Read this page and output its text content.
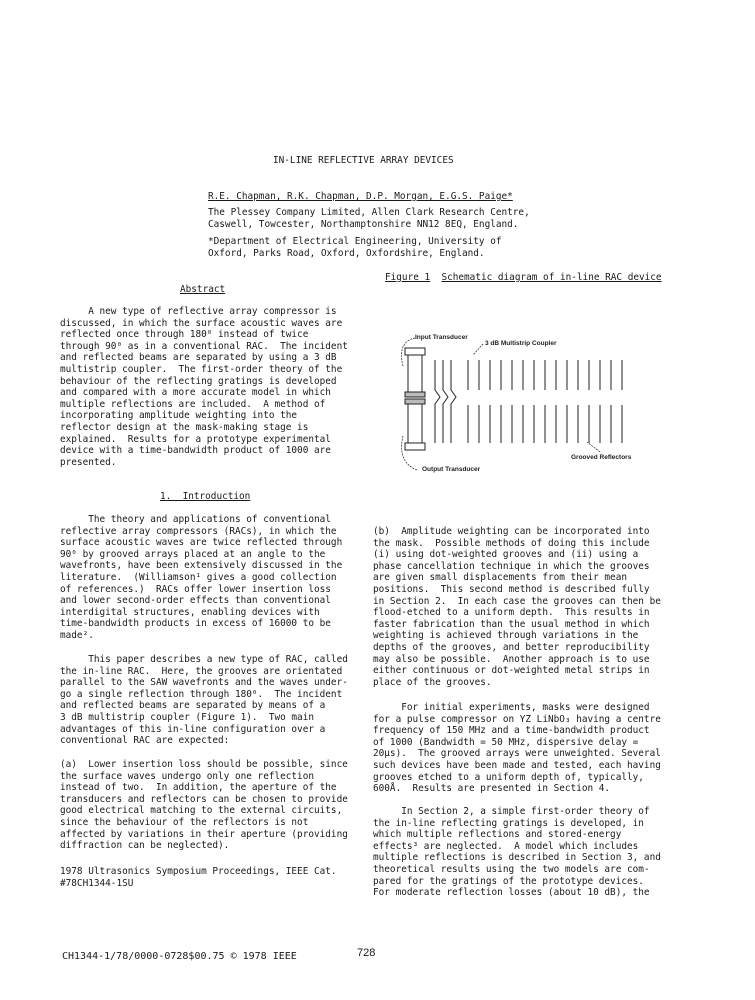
IN-LINE REFLECTIVE ARRAY DEVICES
R.E. Chapman, R.K. Chapman, D.P. Morgan, E.G.S. Paige*
The Plessey Company Limited, Allen Clark Research Centre,
Caswell, Towcester, Northamptonshire NN12 8EQ, England.
*Department of Electrical Engineering, University of
Oxford, Parks Road, Oxford, Oxfordshire, England.
Figure 1 Schematic diagram of in-line RAC device
Input Transducer
3 dB Multistrip Coupler
Grooved Reflectors
Output Transducer
Abstract
A new type of reflective array compressor is
discussed, in which the surface acoustic waves are
reflected once through 180⁰ instead of twice
through 90⁰ as in a conventional RAC.  The incident
and reflected beams are separated by using a 3 dB
multistrip coupler.  The first-order theory of the
behaviour of the reflecting gratings is developed
and compared with a more accurate model in which
multiple reflections are included.  A method of
incorporating amplitude weighting into the
reflector design at the mask-making stage is
explained.  Results for a prototype experimental
device with a time-bandwidth product of 1000 are
presented.
1.  Introduction
The theory and applications of conventional
reflective array compressors (RACs), in which the
surface acoustic waves are twice reflected through
90⁰ by grooved arrays placed at an angle to the
wavefronts, have been extensively discussed in the
literature.  (Williamson¹ gives a good collection
of references.)  RACs offer lower insertion loss
and lower second-order effects than conventional
interdigital structures, enabling devices with
time-bandwidth products in excess of 16000 to be
made².
This paper describes a new type of RAC, called
the in-line RAC.  Here, the grooves are orientated
parallel to the SAW wavefronts and the waves under-
go a single reflection through 180⁰.  The incident
and reflected beams are separated by means of a
3 dB multistrip coupler (Figure 1).  Two main
advantages of this in-line configuration over a
conventional RAC are expected:
(a)  Lower insertion loss should be possible, since
the surface waves undergo only one reflection
instead of two.  In addition, the aperture of the
transducers and reflectors can be chosen to provide
good electrical matching to the external circuits,
since the behaviour of the reflectors is not
affected by variations in their aperture (providing
diffraction can be neglected).
1978 Ultrasonics Symposium Proceedings, IEEE Cat.
#78CH1344-1SU
(b)  Amplitude weighting can be incorporated into
the mask.  Possible methods of doing this include
(i) using dot-weighted grooves and (ii) using a
phase cancellation technique in which the grooves
are given small displacements from their mean
positions.  This second method is described fully
in Section 2.  In each case the grooves can then be
flood-etched to a uniform depth.  This results in
faster fabrication than the usual method in which
weighting is achieved through variations in the
depths of the grooves, and better reproducibility
may also be possible.  Another approach is to use
either continuous or dot-weighted metal strips in
place of the grooves.
For initial experiments, masks were designed
for a pulse compressor on YZ LiNbO₃ having a centre
frequency of 150 MHz and a time-bandwidth product
of 1000 (Bandwidth = 50 MHz, dispersive delay =
20μs).  The grooved arrays were unweighted. Several
such devices have been made and tested, each having
grooves etched to a uniform depth of, typically,
600Å.  Results are presented in Section 4.
In Section 2, a simple first-order theory of
the in-line reflecting gratings is developed, in
which multiple reflections and stored-energy
effects³ are neglected.  A model which includes
multiple reflections is described in Section 3, and
theoretical results using the two models are com-
pared for the gratings of the prototype devices.
For moderate reflection losses (about 10 dB), the
CH1344-1/78/0000-0728$00.75 © 1978 IEEE	728
